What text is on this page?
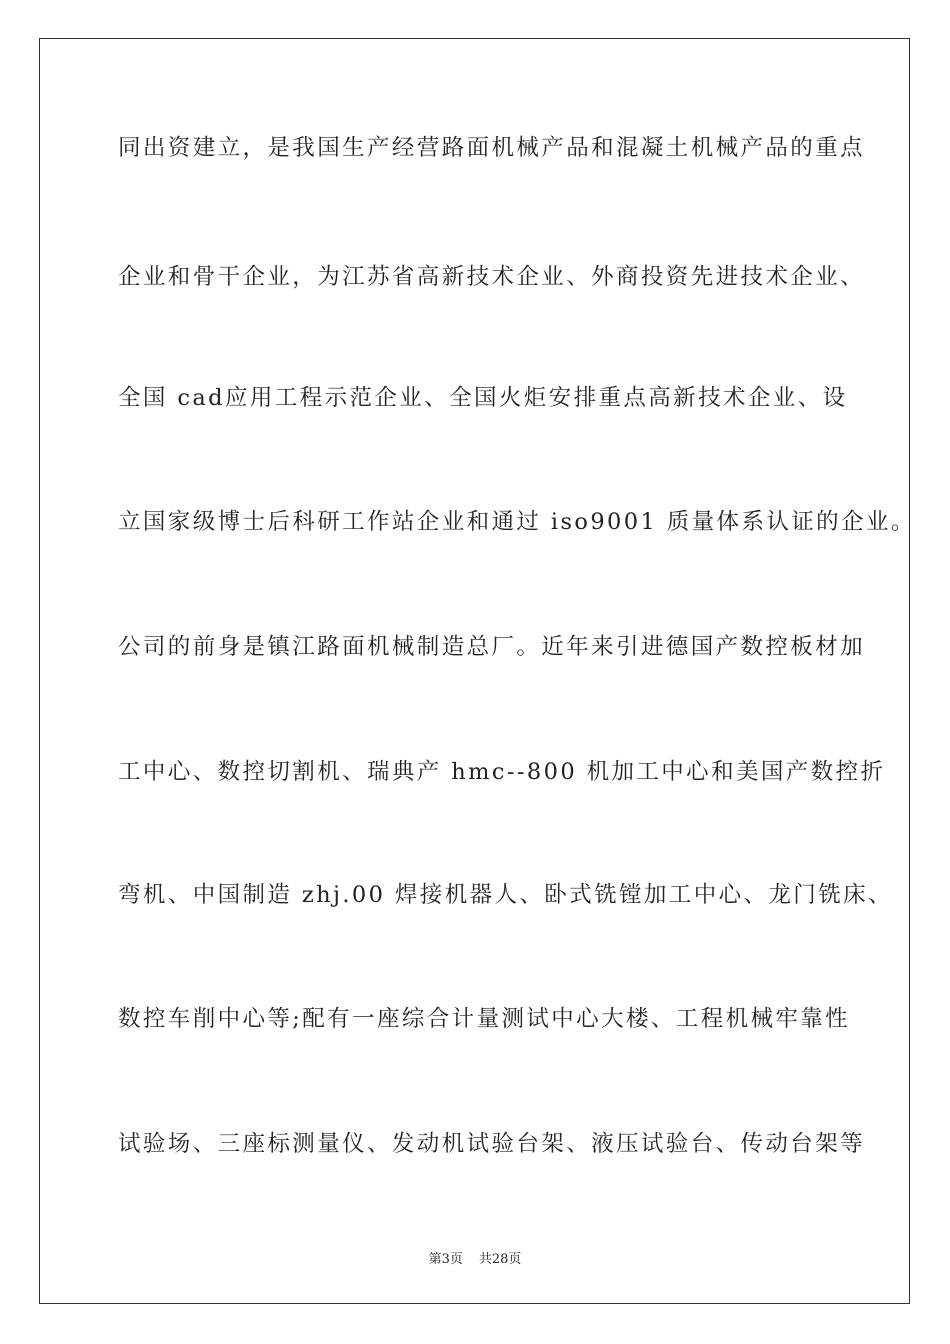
同出资建立，是我国生产经营路面机械产品和混凝土机械产品的重点
企业和骨干企业，为江苏省高新技术企业、外商投资先进技术企业、
全国 cad应用工程示范企业、全国火炬安排重点高新技术企业、设
立国家级博士后科研工作站企业和通过 iso9001 质量体系认证的企业。
公司的前身是镇江路面机械制造总厂。近年来引进德国产数控板材加
工中心、数控切割机、瑞典产 hmc--800 机加工中心和美国产数控折
弯机、中国制造 zhj.00 焊接机器人、卧式铣镗加工中心、龙门铣床、
数控车削中心等;配有一座综合计量测试中心大楼、工程机械牢靠性
试验场、三座标测量仪、发动机试验台架、液压试验台、传动台架等
第3页 共28页
